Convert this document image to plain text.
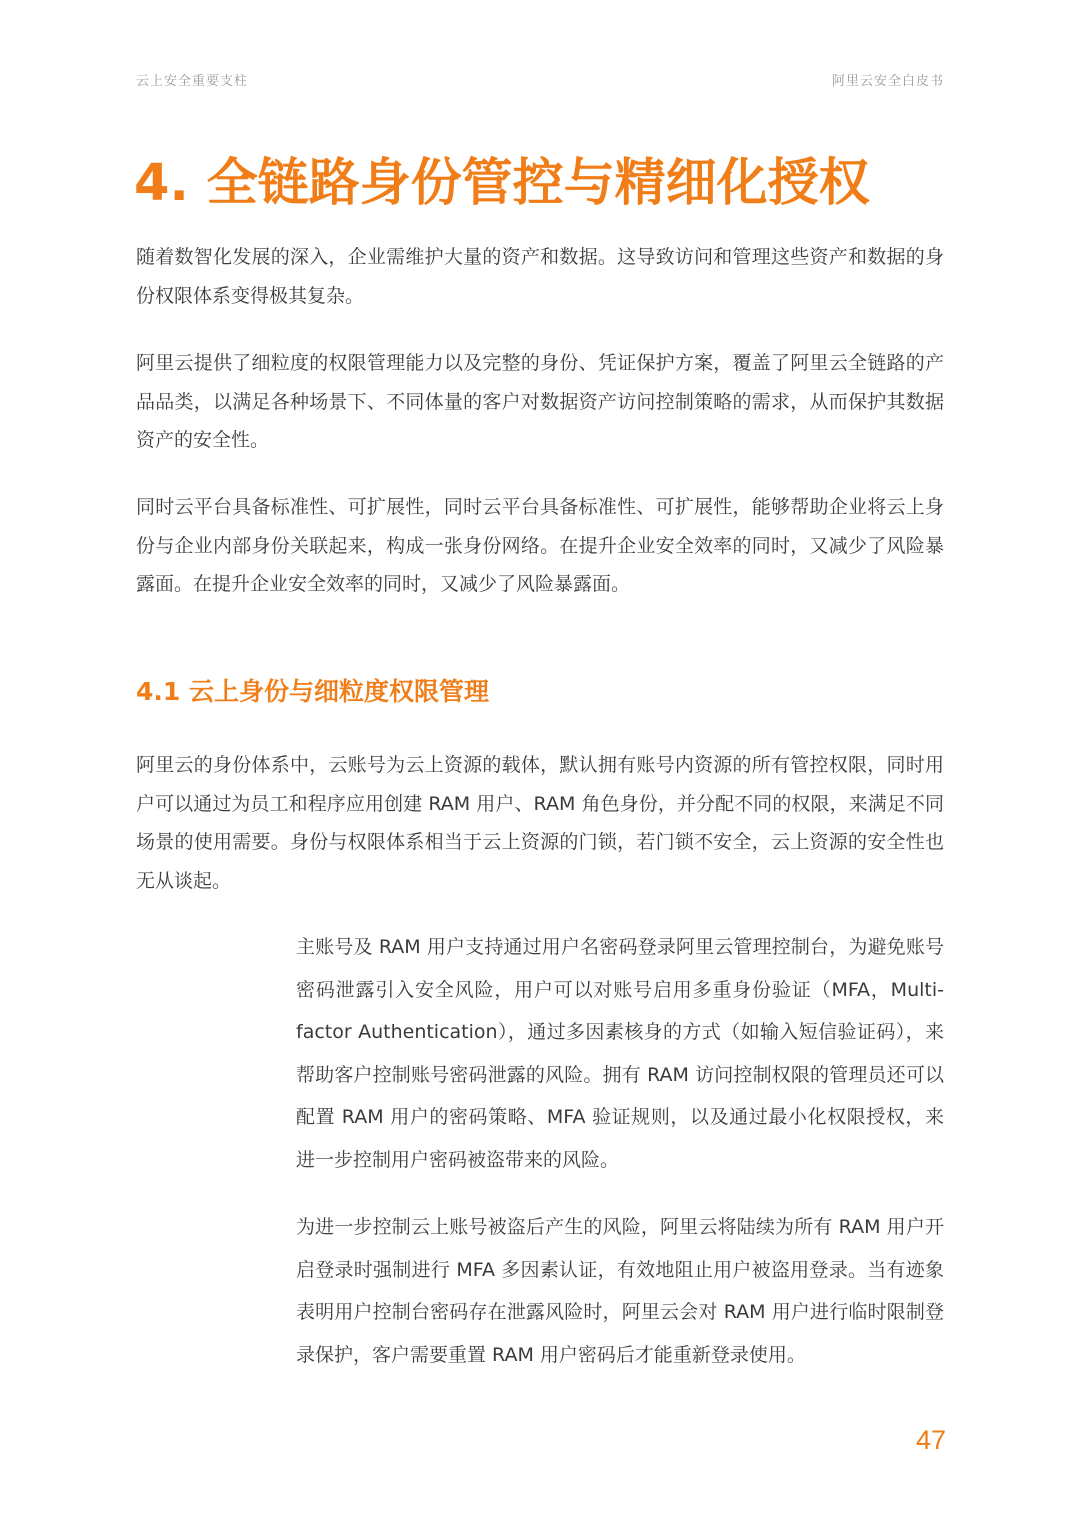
云上安全重要支柱	阿里云安全白皮书
4. 全链路身份管控与精细化授权

随着数智化发展的深入，企业需维护大量的资产和数据。这导致访问和管理这些资产和数据的身份权限体系变得极其复杂。

阿里云提供了细粒度的权限管理能力以及完整的身份、凭证保护方案，覆盖了阿里云全链路的产品品类，以满足各种场景下、不同体量的客户对数据资产访问控制策略的需求，从而保护其数据资产的安全性。

同时云平台具备标准性、可扩展性，同时云平台具备标准性、可扩展性，能够帮助企业将云上身份与企业内部身份关联起来，构成一张身份网络。在提升企业安全效率的同时，又减少了风险暴露面。在提升企业安全效率的同时，又减少了风险暴露面。

4.1 云上身份与细粒度权限管理

阿里云的身份体系中，云账号为云上资源的载体，默认拥有账号内资源的所有管控权限，同时用户可以通过为员工和程序应用创建 RAM 用户、RAM 角色身份，并分配不同的权限，来满足不同场景的使用需要。身份与权限体系相当于云上资源的门锁，若门锁不安全，云上资源的安全性也无从谈起。

主账号及 RAM 用户支持通过用户名密码登录阿里云管理控制台，为避免账号密码泄露引入安全风险，用户可以对账号启用多重身份验证（MFA，Multi-factor Authentication），通过多因素核身的方式（如输入短信验证码），来帮助客户控制账号密码泄露的风险。拥有 RAM 访问控制权限的管理员还可以配置 RAM 用户的密码策略、MFA 验证规则，以及通过最小化权限授权，来进一步控制用户密码被盗带来的风险。

为进一步控制云上账号被盗后产生的风险，阿里云将陆续为所有 RAM 用户开启登录时强制进行 MFA 多因素认证，有效地阻止用户被盗用登录。当有迹象表明用户控制台密码存在泄露风险时，阿里云会对 RAM 用户进行临时限制登录保护，客户需要重置 RAM 用户密码后才能重新登录使用。

47
